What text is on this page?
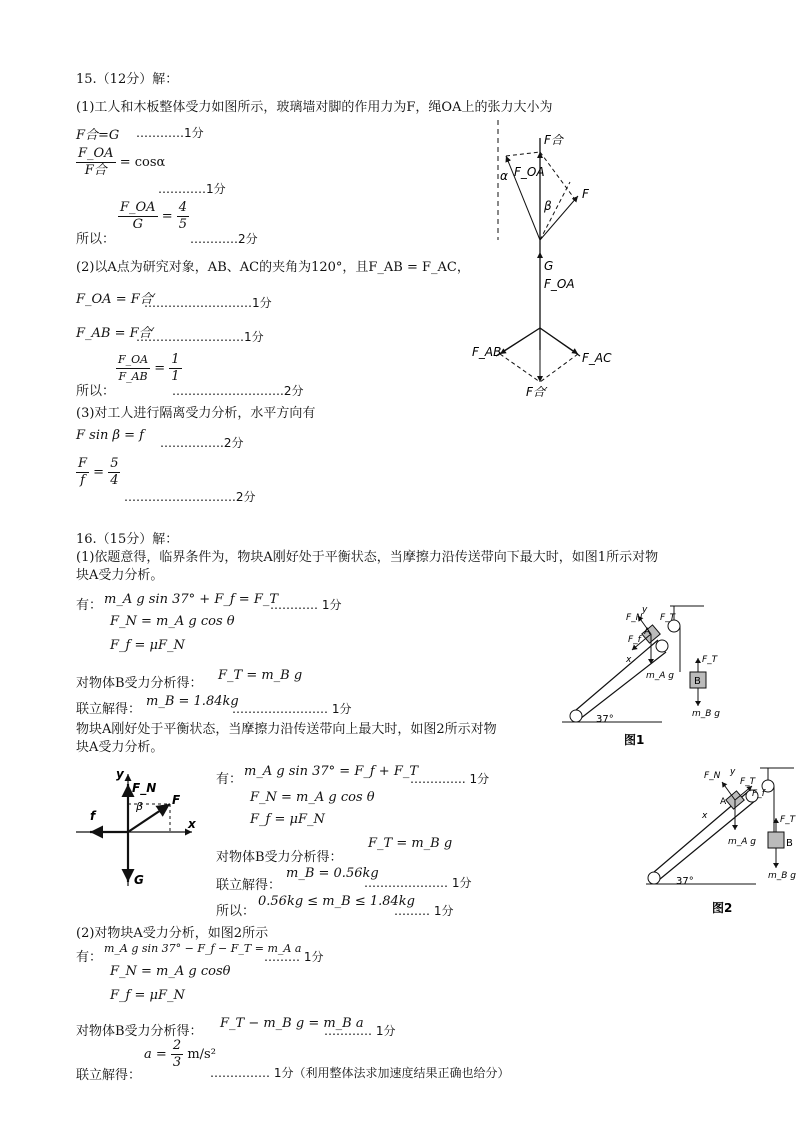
15.（12分）解：
(1)工人和木板整体受力如图所示，玻璃墙对脚的作用力为F，绳OA上的张力大小为
F合=G …………1分
$\frac{F\_OA}{\text{F合}} = \cos\alpha$
…………1分
所以：
$\frac{F\_OA}{G} = \frac{4}{5}$
…………2分
(2)以A点为研究对象，AB、AC的夹角为120°，且F_AB = F_AC，
F_OA = F合′
………………………1分
F_AB = F合′
………………………1分
所以：
$\frac{F\_OA}{F\_AB} = \frac{1}{1}$
……………………….2分
(3)对工人进行隔离受力分析，水平方向有
F sin β = f …………….2分
$\frac{F}{f} = \frac{5}{4}$
……………………….2分
F合
F_OA
α
β
F
G
F_OA
F_AB	F_AC
F合′
16.（15分）解：
(1)依题意得，临界条件为，物块A刚好处于平衡状态，当摩擦力沿传送带向下最大时，如图1所示对物
块A受力分析。
有： m_A g sin 37° + F_f = F_T
………… 1分
F_N = m_A g cos θ
F_f = μF_N
对物体B受力分析得：
F_T = m_B g
联立解得：
m_B = 1.84kg
…………………… 1分
物块A刚好处于平衡状态，当摩擦力沿传送带向上最大时，如图2所示对物
块A受力分析。
y
x
F_N
β F
f
G
有：
m_A g sin 37° = F_f + F_T
………….. 1分
F_N = m_A g cos θ
F_f = μF_N
对物体B受力分析得：
F_T = m_B g
联立解得：
m_B = 0.56kg
………………… 1分
所以：
0.56kg ≤ m_B ≤ 1.84kg
……… 1分
(2)对物块A受力分析，如图2所示
有：
m_A g sin 37° − F_f − F_T = m_A a
……… 1分
F_N = m_A g cosθ
F_f = μF_N
对物体B受力分析得：
F_T − m_B g = m_B a
………… 1分
$a = \frac{2}{3} m/s^2$
联立解得：	…………… 1分（利用整体法求加速度结果正确也给分）
37°
y
x
F_N F_T
F_f
A
m_A g
F_T
B
m_B g
图1
37°
y
x
F_N
F_T
F_f
A
m_A g
F_T
B
m_B g
图2
